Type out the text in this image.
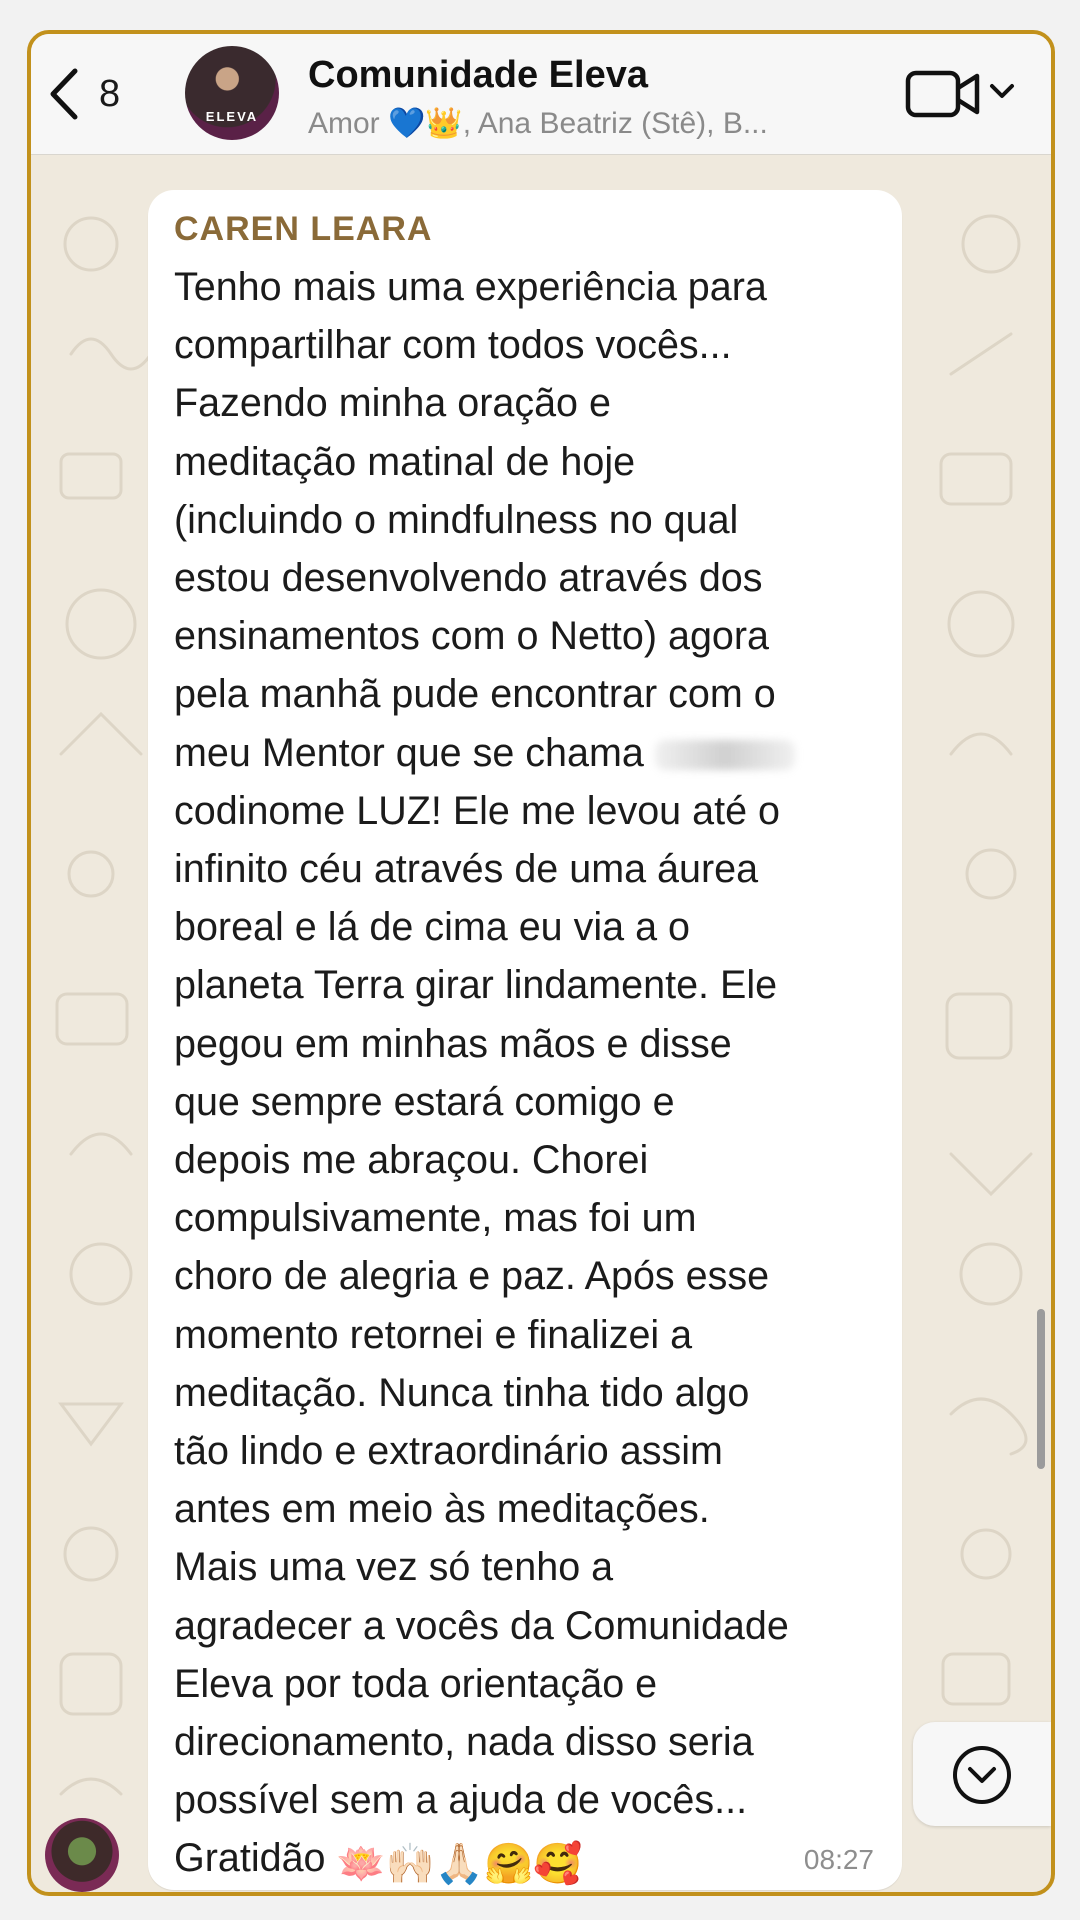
8
ELEVA
Comunidade Eleva
Amor 💙👑, Ana Beatriz (Stê), B...
CAREN LEARA
Tenho mais uma experiência para
compartilhar com todos vocês...
Fazendo minha oração e
meditação matinal de hoje
(incluindo o mindfulness no qual
estou desenvolvendo através dos
ensinamentos com o Netto) agora
pela manhã pude encontrar com o
meu Mentor que se chama
codinome LUZ! Ele me levou até o
infinito céu através de uma áurea
boreal e lá de cima eu via a o
planeta Terra girar lindamente. Ele
pegou em minhas mãos e disse
que sempre estará comigo e
depois me abraçou. Chorei
compulsivamente, mas foi um
choro de alegria e paz. Após esse
momento retornei e finalizei a
meditação. Nunca tinha tido algo
tão lindo e extraordinário assim
antes em meio às meditações.
Mais uma vez só tenho a
agradecer a vocês da Comunidade
Eleva por toda orientação e
direcionamento, nada disso seria
possível sem a ajuda de vocês...
Gratidão 🪷🙌🏻🙏🏻🤗🥰	08:27
